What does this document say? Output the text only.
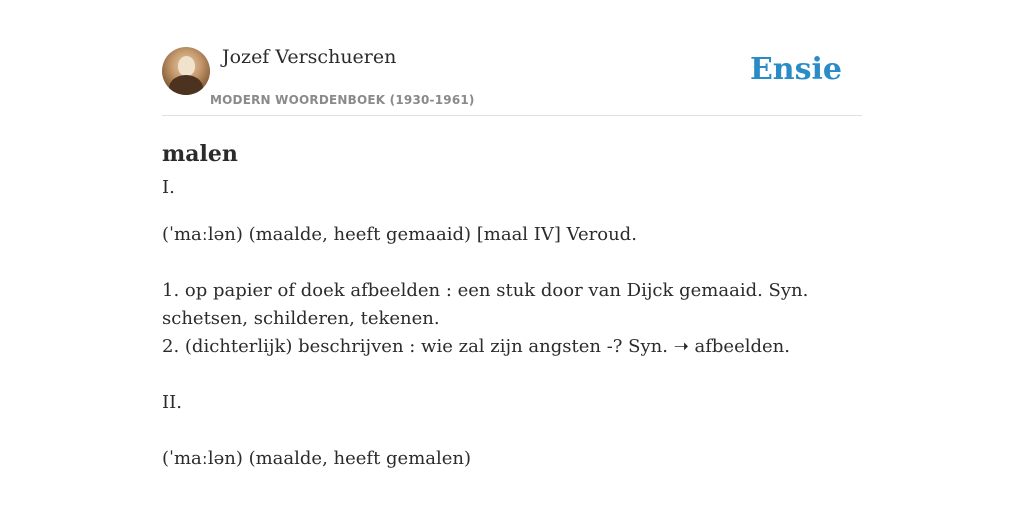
Jozef Verschueren
MODERN WOORDENBOEK (1930-1961)
Ensie
malen
I.
(ˈmaːlən) (maalde, heeft gemaaid) [maal IV] Veroud.
1. op papier of doek afbeelden : een stuk door van Dijck gemaaid. Syn. schetsen, schilderen, tekenen.
2. (dichterlijk) beschrijven : wie zal zijn angsten -? Syn. ➝ afbeelden.
II.
(ˈmaːlən) (maalde, heeft gemalen)
